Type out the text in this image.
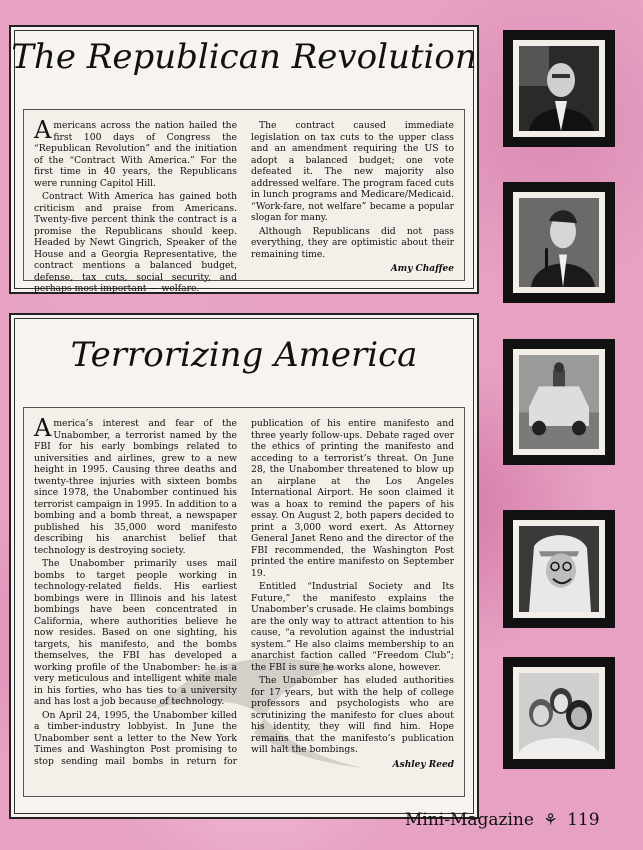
The Republican Revolution

Americans across the nation hailed the first 100 days of Congress the “Republican Revolution” and the initiation of the “Contract With America.” For the first time in 40 years, the Republicans were running Capitol Hill.

Contract With America has gained both criticism and praise from Americans. Twenty-five percent think the contract is a promise the Republicans should keep. Headed by Newt Gingrich, Speaker of the House and a Georgia Representative, the contract mentions a balanced budget, defense, tax cuts, social security, and perhaps most important — welfare.

The contract caused immediate legislation on tax cuts to the upper class and an amendment requiring the US to adopt a balanced budget; one vote defeated it. The new majority also addressed welfare. The program faced cuts in lunch programs and Medicare/Medicaid. “Work-fare, not welfare” became a popular slogan for many.

Although Republicans did not pass everything, they are optimistic about their remaining time.

Amy Chaffee
Terrorizing America

America’s interest and fear of the Unabomber, a terrorist named by the FBI for his early bombings related to universities and airlines, grew to a new height in 1995. Causing three deaths and twenty-three injuries with sixteen bombs since 1978, the Unabomber continued his terrorist campaign in 1995. In addition to a bombing and a bomb threat, a newspaper published his 35,000 word manifesto describing his anarchist belief that technology is destroying society.

The Unabomber primarily uses mail bombs to target people working in technology-related fields. His earliest bombings were in Illinois and his latest bombings have been concentrated in California, where authorities believe he now resides. Based on one sighting, his targets, his manifesto, and the bombs themselves, the FBI has developed a working profile of the Unabomber: he is a very meticulous and intelligent white male in his forties, who has ties to a university and has lost a job because of technology.

On April 24, 1995, the Unabomber killed a timber-industry lobbyist. In June the Unabomber sent a letter to the New York Times and Washington Post promising to stop sending mail bombs in return for publication of his entire manifesto and three yearly follow-ups. Debate raged over the ethics of printing the manifesto and acceding to a terrorist’s threat. On June 28, the Unabomber threatened to blow up an airplane at the Los Angeles International Airport. He soon claimed it was a hoax to remind the papers of his essay. On August 2, both papers decided to print a 3,000 word exert. As Attorney General Janet Reno and the director of the FBI recommended, the Washington Post printed the entire manifesto on September 19.

Entitled “Industrial Society and Its Future,” the manifesto explains the Unabomber’s crusade. He claims bombings are the only way to attract attention to his cause, “a revolution against the industrial system.” He also claims membership to an anarchist faction called “Freedom Club”; the FBI is sure he works alone, however.

The Unabomber has eluded authorities for 17 years, but with the help of college professors and psychologists who are scrutinizing the manifesto for clues about his identity, they will find him. Hope remains that the manifesto’s publication will halt the bombings.

Ashley Reed
Mini-Magazine ⚘ 119
